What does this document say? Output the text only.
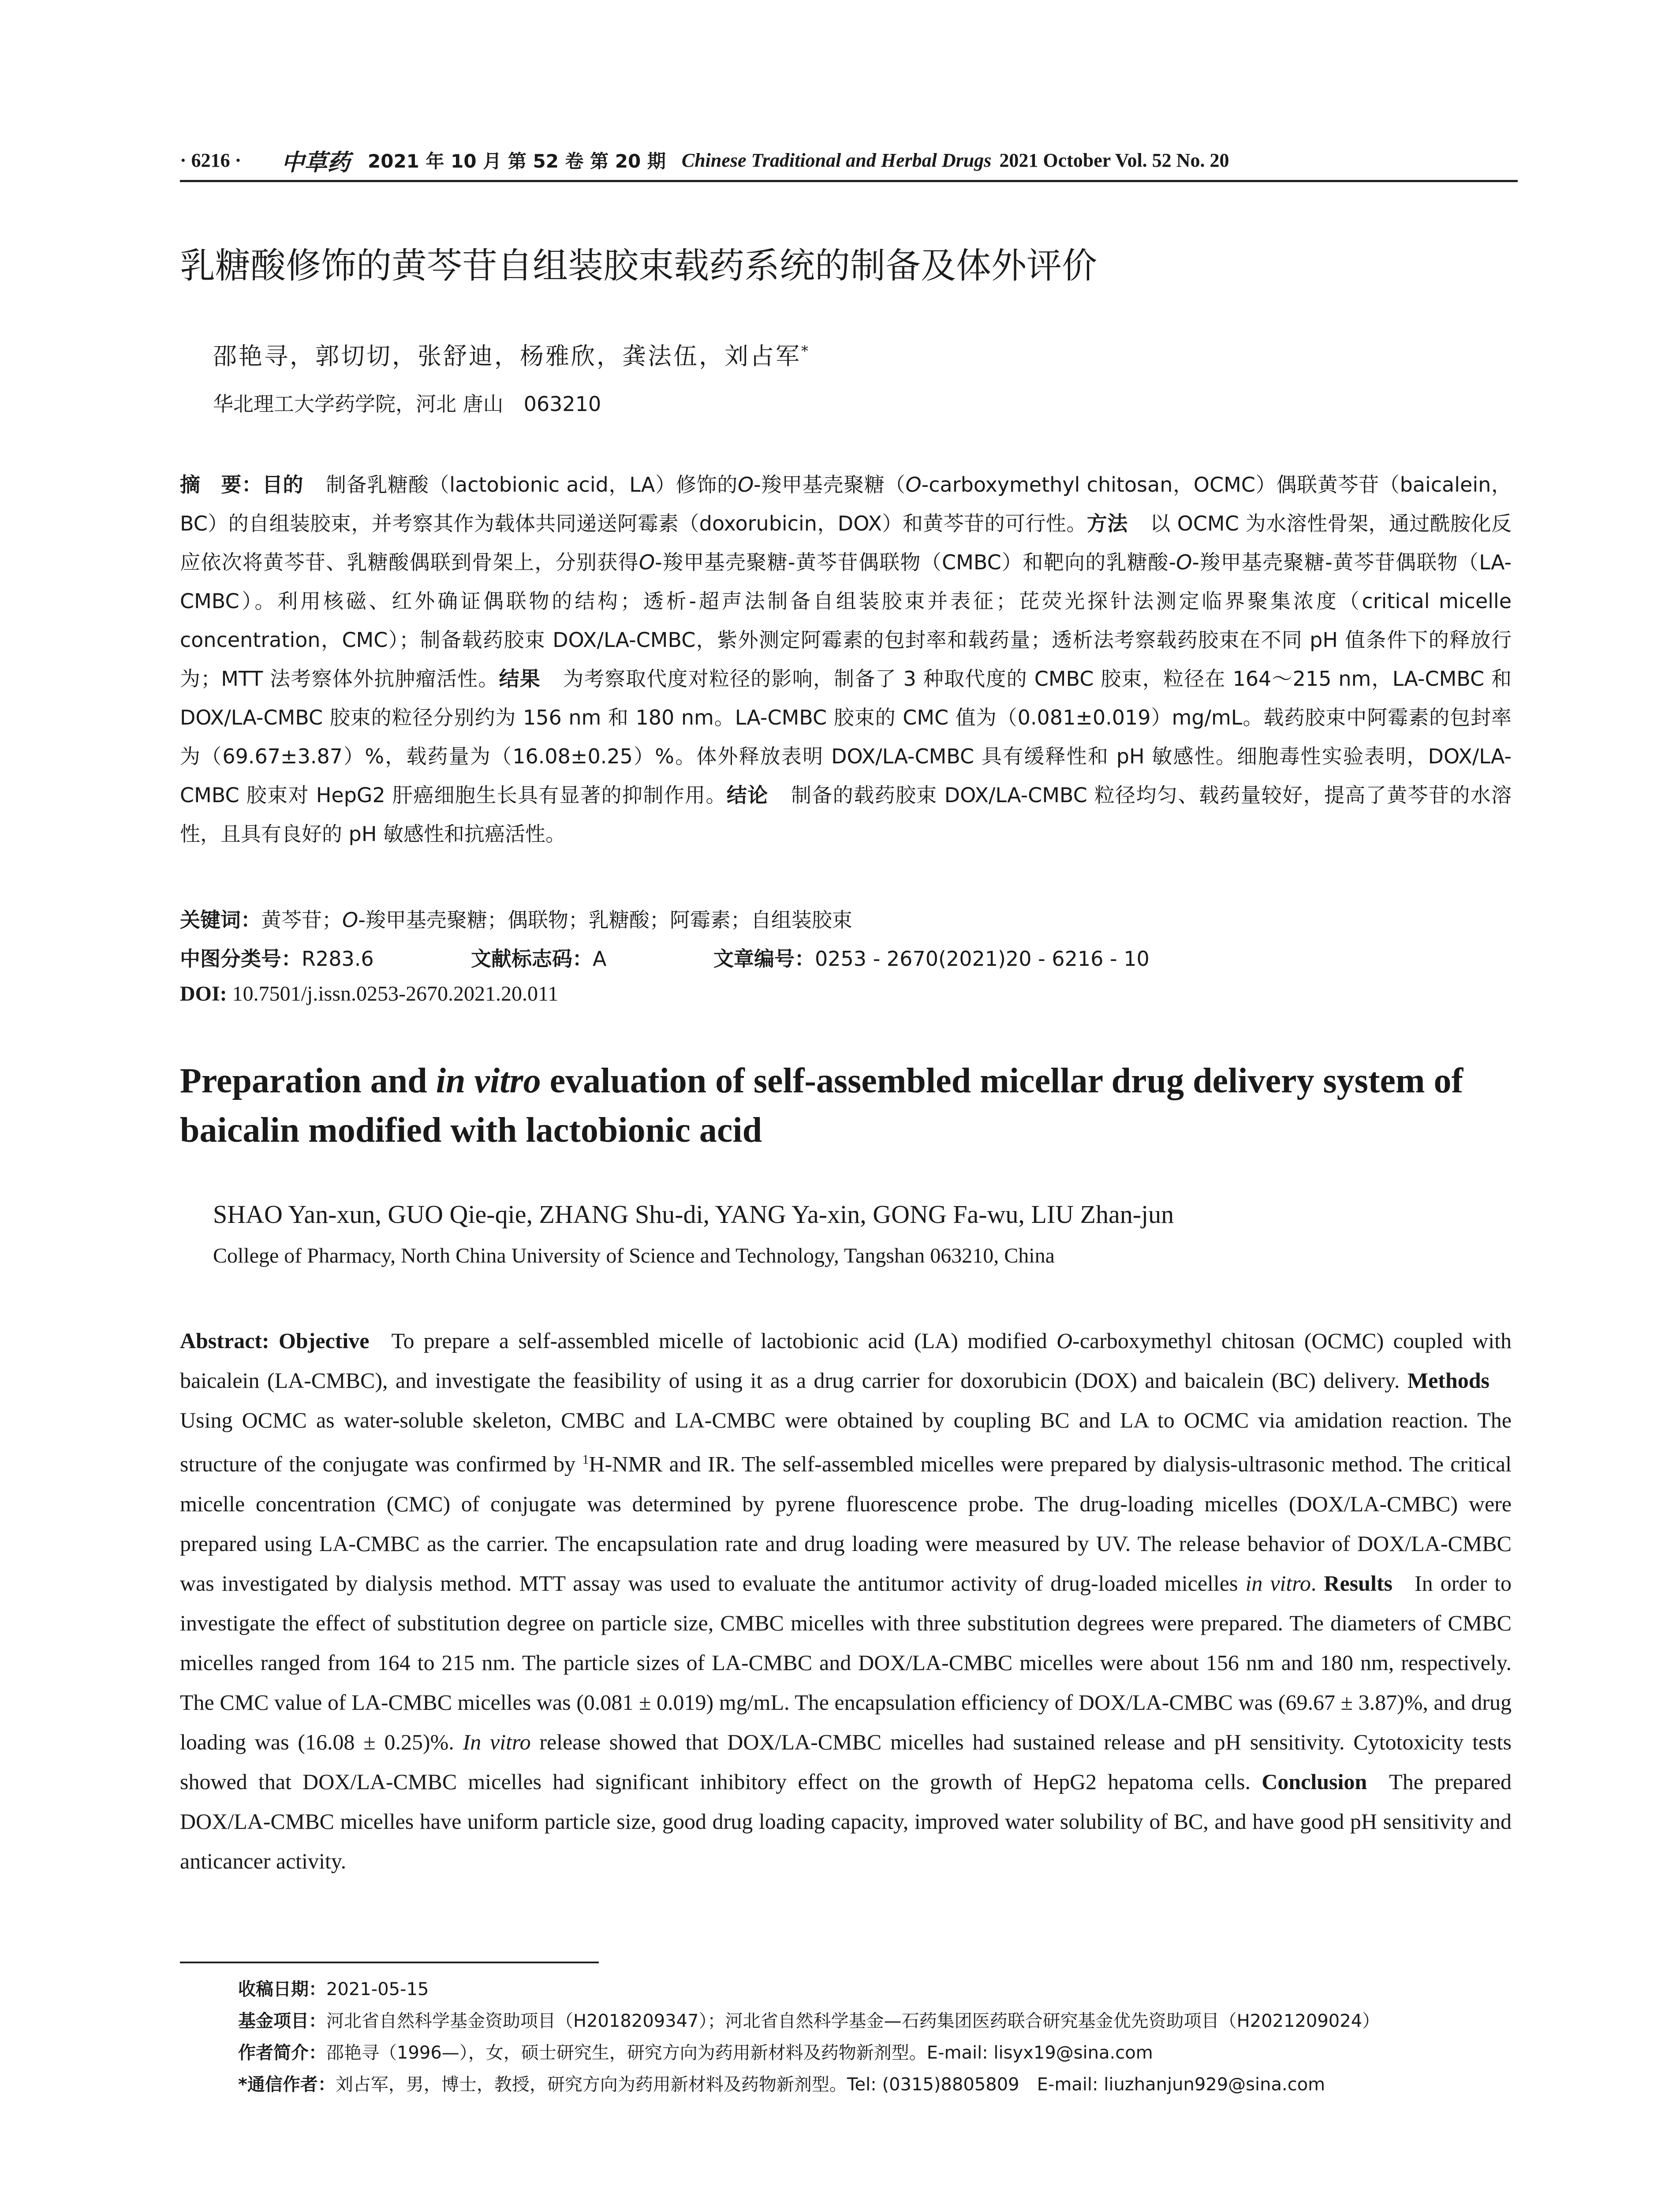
· 6216 ·	中草药 2021 年 10 月 第 52 卷 第 20 期 Chinese Traditional and Herbal Drugs 2021 October Vol. 52 No. 20
乳糖酸修饰的黄芩苷自组装胶束载药系统的制备及体外评价
邵艳寻，郭切切，张舒迪，杨雅欣，龚法伍，刘占军*
华北理工大学药学院，河北 唐山　063210
摘　要：目的 制备乳糖酸（lactobionic acid，LA）修饰的O-羧甲基壳聚糖（O-carboxymethyl chitosan，OCMC）偶联黄芩苷（baicalein，BC）的自组装胶束，并考察其作为载体共同递送阿霉素（doxorubicin，DOX）和黄芩苷的可行性。方法 以 OCMC 为水溶性骨架，通过酰胺化反应依次将黄芩苷、乳糖酸偶联到骨架上，分别获得O-羧甲基壳聚糖-黄芩苷偶联物（CMBC）和靶向的乳糖酸-O-羧甲基壳聚糖-黄芩苷偶联物（LA-CMBC）。利用核磁、红外确证偶联物的结构；透析-超声法制备自组装胶束并表征；芘荧光探针法测定临界聚集浓度（critical micelle concentration，CMC）；制备载药胶束 DOX/LA-CMBC，紫外测定阿霉素的包封率和载药量；透析法考察载药胶束在不同 pH 值条件下的释放行为；MTT 法考察体外抗肿瘤活性。结果 为考察取代度对粒径的影响，制备了 3 种取代度的 CMBC 胶束，粒径在 164～215 nm，LA-CMBC 和 DOX/LA-CMBC 胶束的粒径分别约为 156 nm 和 180 nm。LA-CMBC 胶束的 CMC 值为（0.081±0.019）mg/mL。载药胶束中阿霉素的包封率为（69.67±3.87）%，载药量为（16.08±0.25）%。体外释放表明 DOX/LA-CMBC 具有缓释性和 pH 敏感性。细胞毒性实验表明，DOX/LA-CMBC 胶束对 HepG2 肝癌细胞生长具有显著的抑制作用。结论 制备的载药胶束 DOX/LA-CMBC 粒径均匀、载药量较好，提高了黄芩苷的水溶性，且具有良好的 pH 敏感性和抗癌活性。
关键词：黄芩苷；O-羧甲基壳聚糖；偶联物；乳糖酸；阿霉素；自组装胶束
中图分类号：R283.6	文献标志码：A	文章编号：0253 - 2670(2021)20 - 6216 - 10
DOI: 10.7501/j.issn.0253-2670.2021.20.011
Preparation and in vitro evaluation of self-assembled micellar drug delivery system of baicalin modified with lactobionic acid
SHAO Yan-xun, GUO Qie-qie, ZHANG Shu-di, YANG Ya-xin, GONG Fa-wu, LIU Zhan-jun
College of Pharmacy, North China University of Science and Technology, Tangshan 063210, China
Abstract: Objective To prepare a self-assembled micelle of lactobionic acid (LA) modified O-carboxymethyl chitosan (OCMC) coupled with baicalein (LA-CMBC), and investigate the feasibility of using it as a drug carrier for doxorubicin (DOX) and baicalein (BC) delivery. MethodsUsing OCMC as water-soluble skeleton, CMBC and LA-CMBC were obtained by coupling BC and LA to OCMC via amidation reaction. The structure of the conjugate was confirmed by $^1$H-NMR and IR. The self-assembled micelles were prepared by dialysis-ultrasonic method. The critical micelle concentration (CMC) of conjugate was determined by pyrene fluorescence probe. The drug-loading micelles (DOX/LA-CMBC) were prepared using LA-CMBC as the carrier. The encapsulation rate and drug loading were measured by UV. The release behavior of DOX/LA-CMBC was investigated by dialysis method. MTT assay was used to evaluate the antitumor activity of drug-loaded micelles in vitro. Results In order to investigate the effect of substitution degree on particle size, CMBC micelles with three substitution degrees were prepared. The diameters of CMBC micelles ranged from 164 to 215 nm. The particle sizes of LA-CMBC and DOX/LA-CMBC micelles were about 156 nm and 180 nm, respectively. The CMC value of LA-CMBC micelles was (0.081 ± 0.019) mg/mL. The encapsulation efficiency of DOX/LA-CMBC was (69.67 ± 3.87)%, and drug loading was (16.08 ± 0.25)%. In vitro release showed that DOX/LA-CMBC micelles had sustained release and pH sensitivity. Cytotoxicity tests showed that DOX/LA-CMBC micelles had significant inhibitory effect on the growth of HepG2 hepatoma cells. Conclusion The prepared DOX/LA-CMBC micelles have uniform particle size, good drug loading capacity, improved water solubility of BC, and have good pH sensitivity and anticancer activity.
收稿日期：2021-05-15
基金项目：河北省自然科学基金资助项目（H2018209347）；河北省自然科学基金—石药集团医药联合研究基金优先资助项目（H2021209024）
作者简介：邵艳寻（1996—），女，硕士研究生，研究方向为药用新材料及药物新剂型。E-mail: lisyx19@sina.com
*通信作者：刘占军，男，博士，教授，研究方向为药用新材料及药物新剂型。Tel: (0315)8805809　E-mail: liuzhanjun929@sina.com
